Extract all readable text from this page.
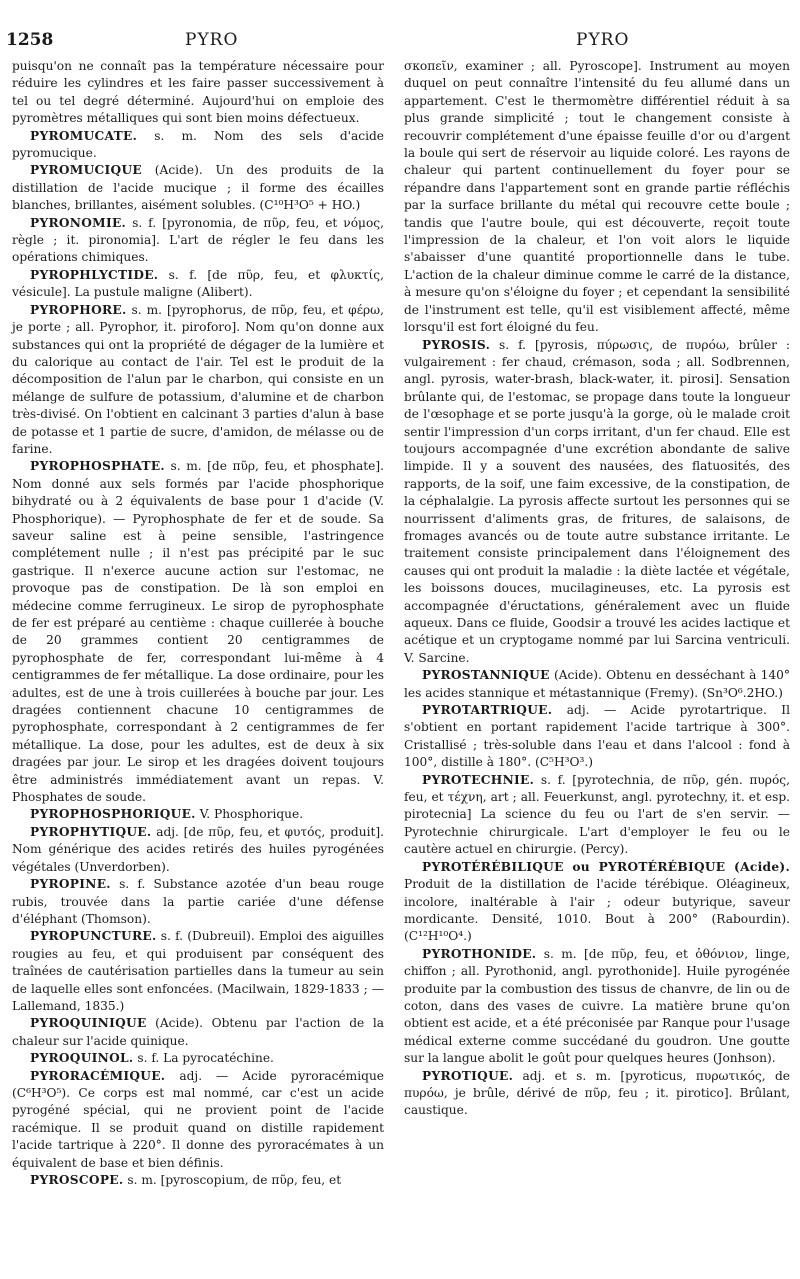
1258	PYRO	PYRO

puisqu'on ne connaît pas la température nécessaire pour réduire les cylindres et les faire passer successivement à tel ou tel degré déterminé. Aujourd'hui on emploie des pyromètres métalliques qui sont bien moins défectueux.

PYROMUCATE. s. m. Nom des sels d'acide pyromucique.

PYROMUCIQUE (Acide). Un des produits de la distillation de l'acide mucique ; il forme des écailles blanches, brillantes, aisément solubles. (C¹⁰H³O⁵ + HO.)

PYRONOMIE. s. f. [pyronomia, de πῦρ, feu, et νόμος, règle ; it. pironomia]. L'art de régler le feu dans les opérations chimiques.

PYROPHLYCTIDE. s. f. [de πῦρ, feu, et φλυκτίς, vésicule]. La pustule maligne (Alibert).

PYROPHORE. s. m. [pyrophorus, de πῦρ, feu, et φέρω, je porte ; all. Pyrophor, it. piroforo]. Nom qu'on donne aux substances qui ont la propriété de dégager de la lumière et du calorique au contact de l'air. Tel est le produit de la décomposition de l'alun par le charbon, qui consiste en un mélange de sulfure de potassium, d'alumine et de charbon très-divisé. On l'obtient en calcinant 3 parties d'alun à base de potasse et 1 partie de sucre, d'amidon, de mélasse ou de farine.

PYROPHOSPHATE. s. m. [de πῦρ, feu, et phosphate]. Nom donné aux sels formés par l'acide phosphorique bihydraté ou à 2 équivalents de base pour 1 d'acide (V. Phosphorique). — Pyrophosphate de fer et de soude. Sa saveur saline est à peine sensible, l'astringence complétement nulle ; il n'est pas précipité par le suc gastrique. Il n'exerce aucune action sur l'estomac, ne provoque pas de constipation. De là son emploi en médecine comme ferrugineux. Le sirop de pyrophosphate de fer est préparé au centième : chaque cuillerée à bouche de 20 grammes contient 20 centigrammes de pyrophosphate de fer, correspondant lui-même à 4 centigrammes de fer métallique. La dose ordinaire, pour les adultes, est de une à trois cuillerées à bouche par jour. Les dragées contiennent chacune 10 centigrammes de pyrophosphate, correspondant à 2 centigrammes de fer métallique. La dose, pour les adultes, est de deux à six dragées par jour. Le sirop et les dragées doivent toujours être administrés immédiatement avant un repas. V. Phosphates de soude.

PYROPHOSPHORIQUE. V. Phosphorique.

PYROPHYTIQUE. adj. [de πῦρ, feu, et φυτός, produit]. Nom générique des acides retirés des huiles pyrogénées végétales (Unverdorben).

PYROPINE. s. f. Substance azotée d'un beau rouge rubis, trouvée dans la partie cariée d'une défense d'éléphant (Thomson).

PYROPUNCTURE. s. f. (Dubreuil). Emploi des aiguilles rougies au feu, et qui produisent par conséquent des traînées de cautérisation partielles dans la tumeur au sein de laquelle elles sont enfoncées. (Macilwain, 1829-1833 ; — Lallemand, 1835.)

PYROQUINIQUE (Acide). Obtenu par l'action de la chaleur sur l'acide quinique.

PYROQUINOL. s. f. La pyrocatéchine.

PYRORACÉMIQUE. adj. — Acide pyroracémique (C⁶H³O⁵). Ce corps est mal nommé, car c'est un acide pyrogéné spécial, qui ne provient point de l'acide racémique. Il se produit quand on distille rapidement l'acide tartrique à 220°. Il donne des pyroracémates à un équivalent de base et bien définis.

PYROSCOPE. s. m. [pyroscopium, de πῦρ, feu, et

σκοπεῖν, examiner ; all. Pyroscope]. Instrument au moyen duquel on peut connaître l'intensité du feu allumé dans un appartement. C'est le thermomètre différentiel réduit à sa plus grande simplicité ; tout le changement consiste à recouvrir complétement d'une épaisse feuille d'or ou d'argent la boule qui sert de réservoir au liquide coloré. Les rayons de chaleur qui partent continuellement du foyer pour se répandre dans l'appartement sont en grande partie réfléchis par la surface brillante du métal qui recouvre cette boule ; tandis que l'autre boule, qui est découverte, reçoit toute l'impression de la chaleur, et l'on voit alors le liquide s'abaisser d'une quantité proportionnelle dans le tube. L'action de la chaleur diminue comme le carré de la distance, à mesure qu'on s'éloigne du foyer ; et cependant la sensibilité de l'instrument est telle, qu'il est visiblement affecté, même lorsqu'il est fort éloigné du feu.

PYROSIS. s. f. [pyrosis, πύρωσις, de πυρόω, brûler : vulgairement : fer chaud, crémason, soda ; all. Sodbrennen, angl. pyrosis, water-brash, black-water, it. pirosi]. Sensation brûlante qui, de l'estomac, se propage dans toute la longueur de l'œsophage et se porte jusqu'à la gorge, où le malade croit sentir l'impression d'un corps irritant, d'un fer chaud. Elle est toujours accompagnée d'une excrétion abondante de salive limpide. Il y a souvent des nausées, des flatuosités, des rapports, de la soif, une faim excessive, de la constipation, de la céphalalgie. La pyrosis affecte surtout les personnes qui se nourrissent d'aliments gras, de fritures, de salaisons, de fromages avancés ou de toute autre substance irritante. Le traitement consiste principalement dans l'éloignement des causes qui ont produit la maladie : la diète lactée et végétale, les boissons douces, mucilagineuses, etc. La pyrosis est accompagnée d'éructations, généralement avec un fluide aqueux. Dans ce fluide, Goodsir a trouvé les acides lactique et acétique et un cryptogame nommé par lui Sarcina ventriculi. V. Sarcine.

PYROSTANNIQUE (Acide). Obtenu en desséchant à 140° les acides stannique et métastannique (Fremy). (Sn³O⁶.2HO.)

PYROTARTRIQUE. adj. — Acide pyrotartrique. Il s'obtient en portant rapidement l'acide tartrique à 300°. Cristallisé ; très-soluble dans l'eau et dans l'alcool : fond à 100°, distille à 180°. (C⁵H³O³.)

PYROTECHNIE. s. f. [pyrotechnia, de πῦρ, gén. πυρός, feu, et τέχνη, art ; all. Feuerkunst, angl. pyrotechny, it. et esp. pirotecnia] La science du feu ou l'art de s'en servir. — Pyrotechnie chirurgicale. L'art d'employer le feu ou le cautère actuel en chirurgie. (Percy).

PYROTÉRÉBILIQUE ou PYROTÉRÉBIQUE (Acide). Produit de la distillation de l'acide térébique. Oléagineux, incolore, inaltérable à l'air ; odeur butyrique, saveur mordicante. Densité, 1010. Bout à 200° (Rabourdin). (C¹²H¹⁰O⁴.)

PYROTHONIDE. s. m. [de πῦρ, feu, et ὀθόνιον, linge, chiffon ; all. Pyrothonid, angl. pyrothonide]. Huile pyrogénée produite par la combustion des tissus de chanvre, de lin ou de coton, dans des vases de cuivre. La matière brune qu'on obtient est acide, et a été préconisée par Ranque pour l'usage médical externe comme succédané du goudron. Une goutte sur la langue abolit le goût pour quelques heures (Jonhson).

PYROTIQUE. adj. et s. m. [pyroticus, πυρωτικός, de πυρόω, je brûle, dérivé de πῦρ, feu ; it. pirotico]. Brûlant, caustique.
